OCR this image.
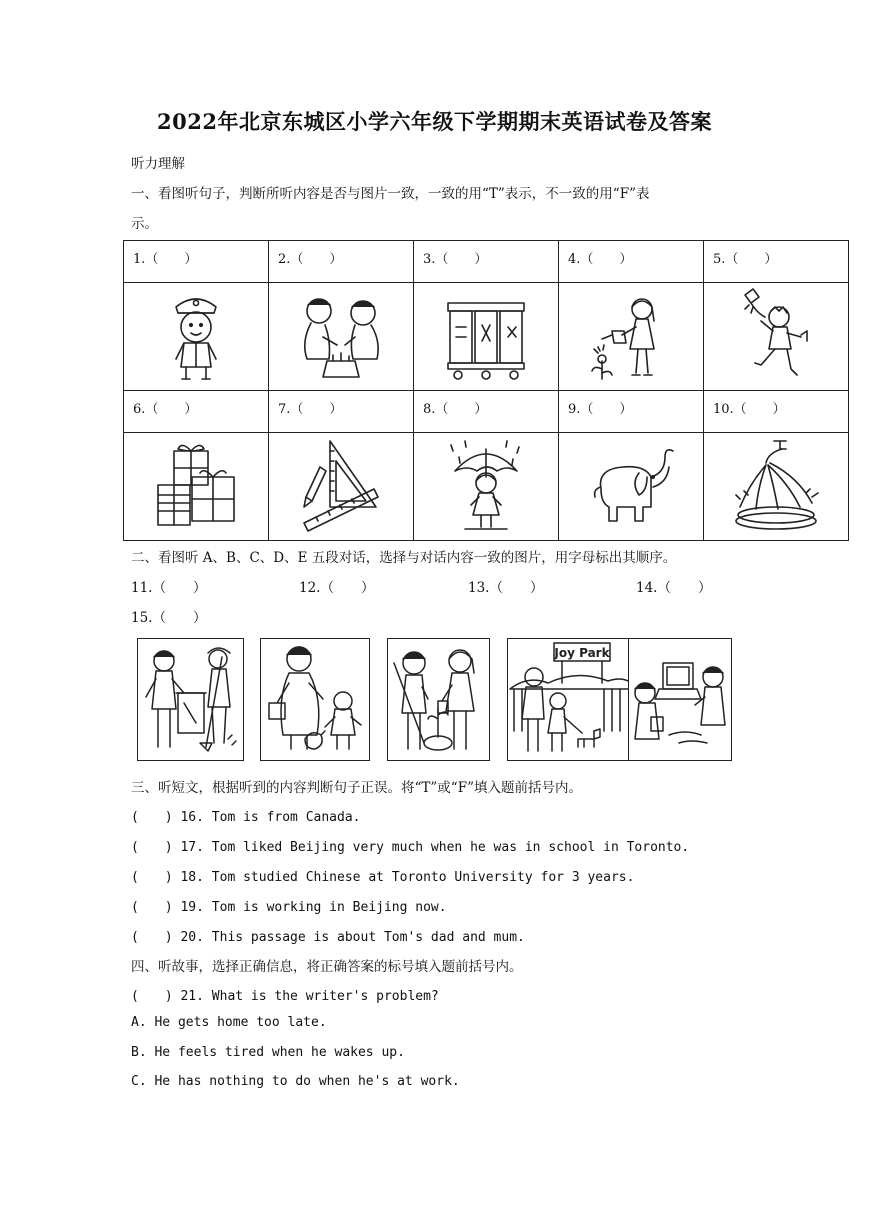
2022年北京东城区小学六年级下学期期末英语试卷及答案
听力理解
一、看图听句子，判断所听内容是否与图片一致，一致的用“T”表示，不一致的用“F”表
示。
1.（　　）	2.（　　）	3.（　　）	4.（　　）	5.（　　）

6.（　　）	7.（　　）	8.（　　）	9.（　　）	10.（　　）

二、看图听 A、B、C、D、E 五段对话，选择与对话内容一致的图片，用字母标出其顺序。
11.（　　）	12.（　　）	13.（　　）	14.（　　）
15.（　　）
Joy Park
三、听短文，根据听到的内容判断句子正误。将“T”或“F”填入题前括号内。
(　　) 16. Tom is from Canada.
(　　) 17. Tom liked Beijing very much when he was in school in Toronto.
(　　) 18. Tom studied Chinese at Toronto University for 3 years.
(　　) 19. Tom is working in Beijing now.
(　　) 20. This passage is about Tom's dad and mum.
四、听故事，选择正确信息，将正确答案的标号填入题前括号内。
(　　) 21. What is the writer's problem?
A. He gets home too late.
B. He feels tired when he wakes up.
C. He has nothing to do when he's at work.
